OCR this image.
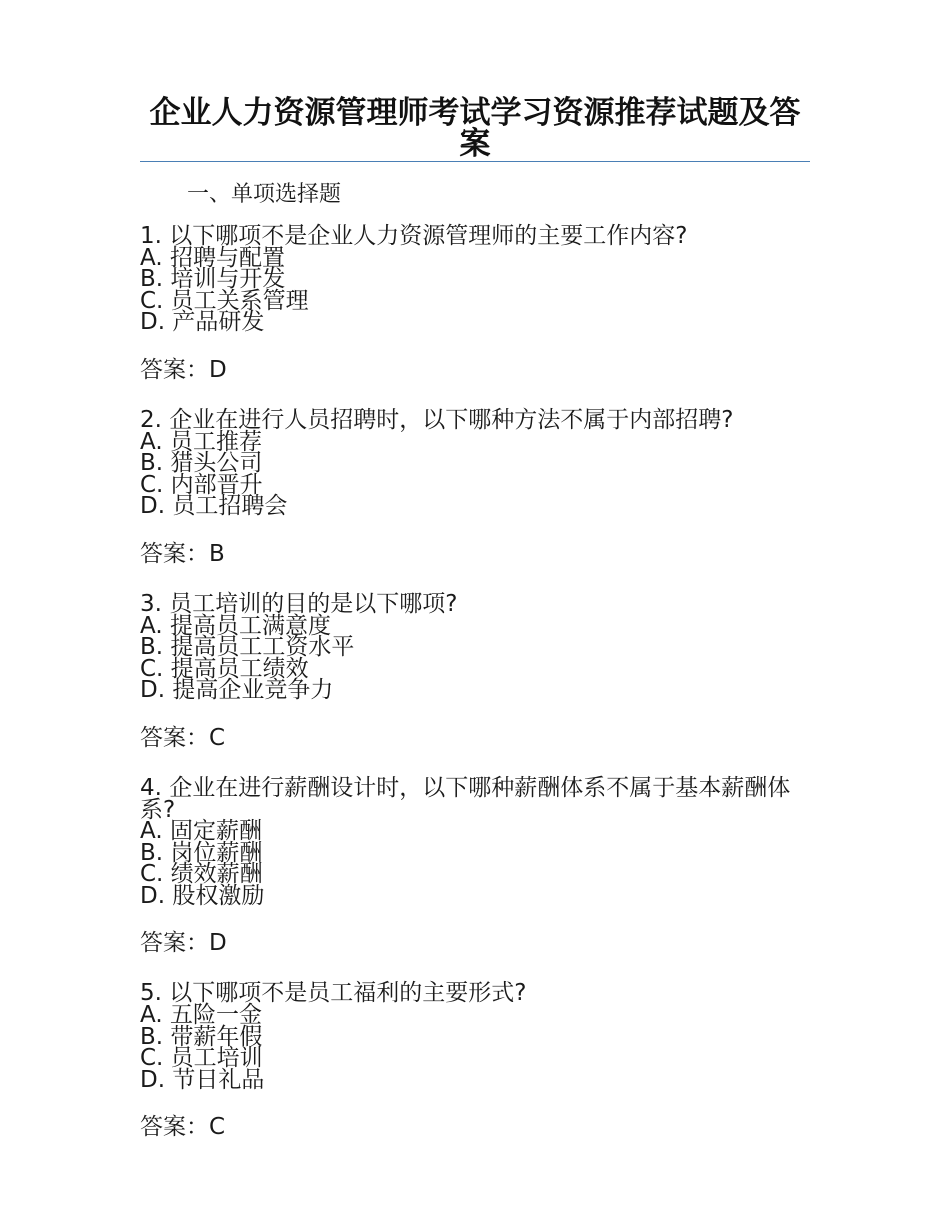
企业人力资源管理师考试学习资源推荐试题及答案

一、单项选择题

1. 以下哪项不是企业人力资源管理师的主要工作内容?

A. 招聘与配置

B. 培训与开发

C. 员工关系管理

D. 产品研发

答案：D

2. 企业在进行人员招聘时，以下哪种方法不属于内部招聘?

A. 员工推荐

B. 猎头公司

C. 内部晋升

D. 员工招聘会

答案：B

3. 员工培训的目的是以下哪项?

A. 提高员工满意度

B. 提高员工工资水平

C. 提高员工绩效

D. 提高企业竞争力

答案：C

4. 企业在进行薪酬设计时，以下哪种薪酬体系不属于基本薪酬体系?

A. 固定薪酬

B. 岗位薪酬

C. 绩效薪酬

D. 股权激励

答案：D

5. 以下哪项不是员工福利的主要形式?

A. 五险一金

B. 带薪年假

C. 员工培训

D. 节日礼品

答案：C
